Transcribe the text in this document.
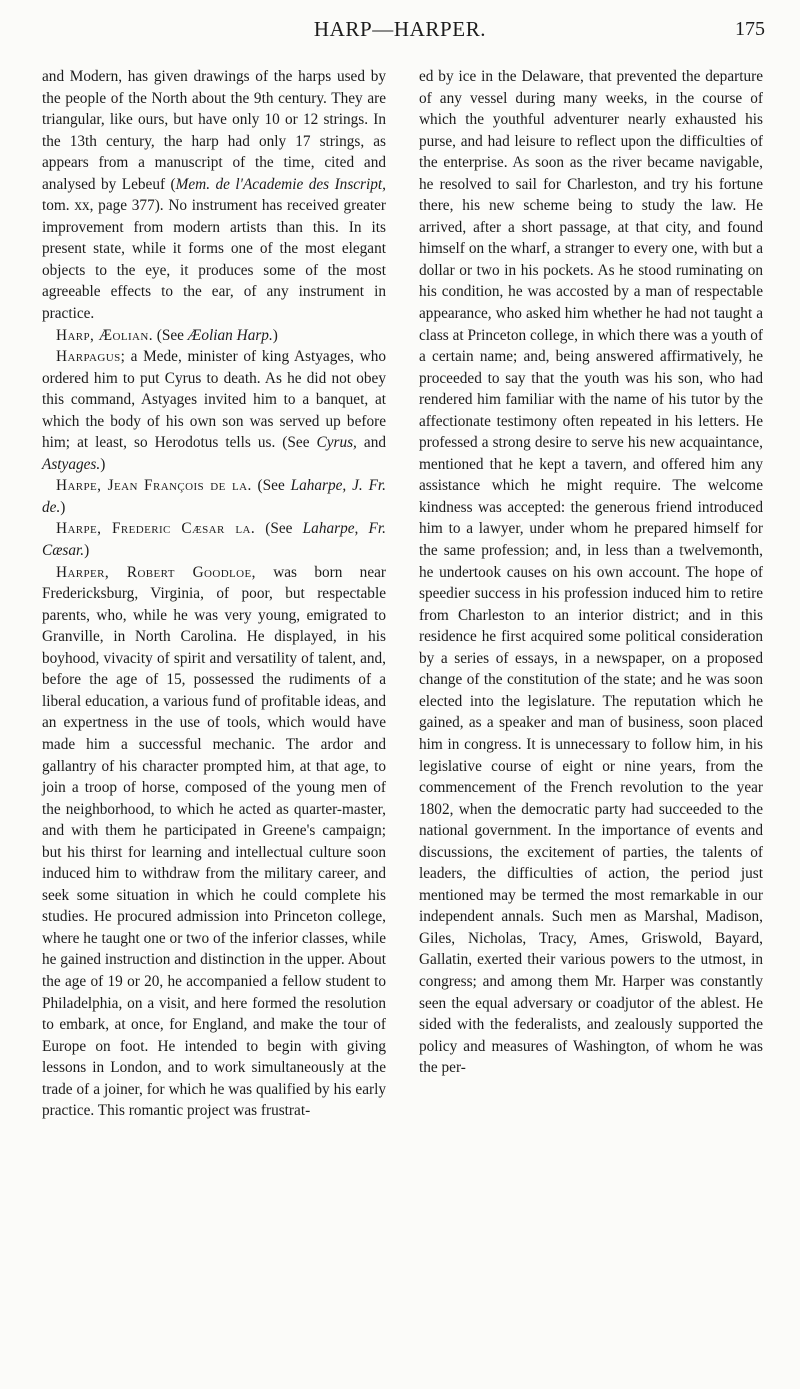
HARP—HARPER.	175

and Modern, has given drawings of the harps used by the people of the North about the 9th century. They are triangular, like ours, but have only 10 or 12 strings. In the 13th century, the harp had only 17 strings, as appears from a manuscript of the time, cited and analysed by Lebeuf (Mem. de l'Academie des Inscript, tom. xx, page 377). No instrument has received greater improvement from modern artists than this. In its present state, while it forms one of the most elegant objects to the eye, it produces some of the most agreeable effects to the ear, of any instrument in practice.

Harp, Æolian. (See Æolian Harp.)

Harpagus; a Mede, minister of king Astyages, who ordered him to put Cyrus to death. As he did not obey this command, Astyages invited him to a banquet, at which the body of his own son was served up before him; at least, so Herodotus tells us. (See Cyrus, and Astyages.)

Harpe, Jean François de la. (See Laharpe, J. Fr. de.)

Harpe, Frederic Cæsar la. (See Laharpe, Fr. Cæsar.)

Harper, Robert Goodloe, was born near Fredericksburg, Virginia, of poor, but respectable parents, who, while he was very young, emigrated to Granville, in North Carolina. He displayed, in his boyhood, vivacity of spirit and versatility of talent, and, before the age of 15, possessed the rudiments of a liberal education, a various fund of profitable ideas, and an expertness in the use of tools, which would have made him a successful mechanic. The ardor and gallantry of his character prompted him, at that age, to join a troop of horse, composed of the young men of the neighborhood, to which he acted as quarter-master, and with them he participated in Greene's campaign; but his thirst for learning and intellectual culture soon induced him to withdraw from the military career, and seek some situation in which he could complete his studies. He procured admission into Princeton college, where he taught one or two of the inferior classes, while he gained instruction and distinction in the upper. About the age of 19 or 20, he accompanied a fellow student to Philadelphia, on a visit, and here formed the resolution to embark, at once, for England, and make the tour of Europe on foot. He intended to begin with giving lessons in London, and to work simultaneously at the trade of a joiner, for which he was qualified by his early practice. This romantic project was frustrat-

ed by ice in the Delaware, that prevented the departure of any vessel during many weeks, in the course of which the youthful adventurer nearly exhausted his purse, and had leisure to reflect upon the difficulties of the enterprise. As soon as the river became navigable, he resolved to sail for Charleston, and try his fortune there, his new scheme being to study the law. He arrived, after a short passage, at that city, and found himself on the wharf, a stranger to every one, with but a dollar or two in his pockets. As he stood ruminating on his condition, he was accosted by a man of respectable appearance, who asked him whether he had not taught a class at Princeton college, in which there was a youth of a certain name; and, being answered affirmatively, he proceeded to say that the youth was his son, who had rendered him familiar with the name of his tutor by the affectionate testimony often repeated in his letters. He professed a strong desire to serve his new acquaintance, mentioned that he kept a tavern, and offered him any assistance which he might require. The welcome kindness was accepted: the generous friend introduced him to a lawyer, under whom he prepared himself for the same profession; and, in less than a twelvemonth, he undertook causes on his own account. The hope of speedier success in his profession induced him to retire from Charleston to an interior district; and in this residence he first acquired some political consideration by a series of essays, in a newspaper, on a proposed change of the constitution of the state; and he was soon elected into the legislature. The reputation which he gained, as a speaker and man of business, soon placed him in congress. It is unnecessary to follow him, in his legislative course of eight or nine years, from the commencement of the French revolution to the year 1802, when the democratic party had succeeded to the national government. In the importance of events and discussions, the excitement of parties, the talents of leaders, the difficulties of action, the period just mentioned may be termed the most remarkable in our independent annals. Such men as Marshal, Madison, Giles, Nicholas, Tracy, Ames, Griswold, Bayard, Gallatin, exerted their various powers to the utmost, in congress; and among them Mr. Harper was constantly seen the equal adversary or coadjutor of the ablest. He sided with the federalists, and zealously supported the policy and measures of Washington, of whom he was the per-
